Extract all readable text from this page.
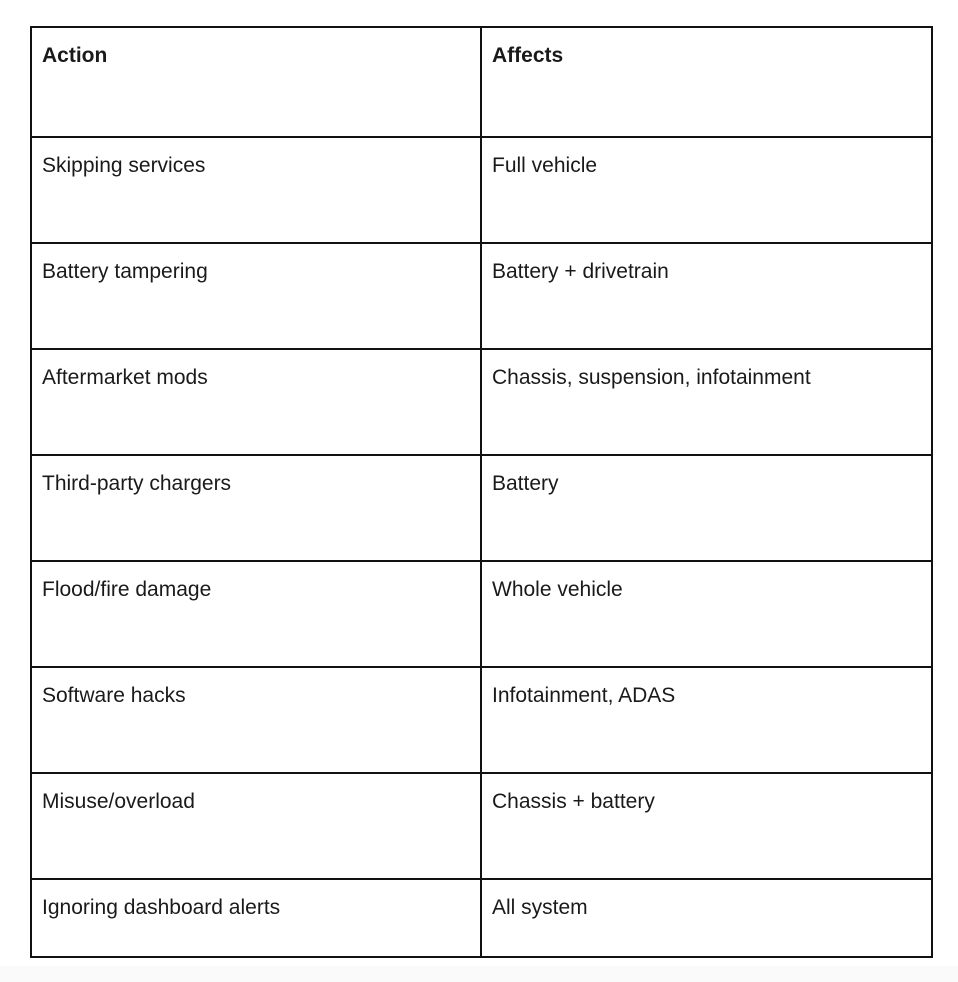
Action	Affects
Skipping services	Full vehicle
Battery tampering	Battery + drivetrain
Aftermarket mods	Chassis, suspension, infotainment
Third-party chargers	Battery
Flood/fire damage	Whole vehicle
Software hacks	Infotainment, ADAS
Misuse/overload	Chassis + battery
Ignoring dashboard alerts	All system
